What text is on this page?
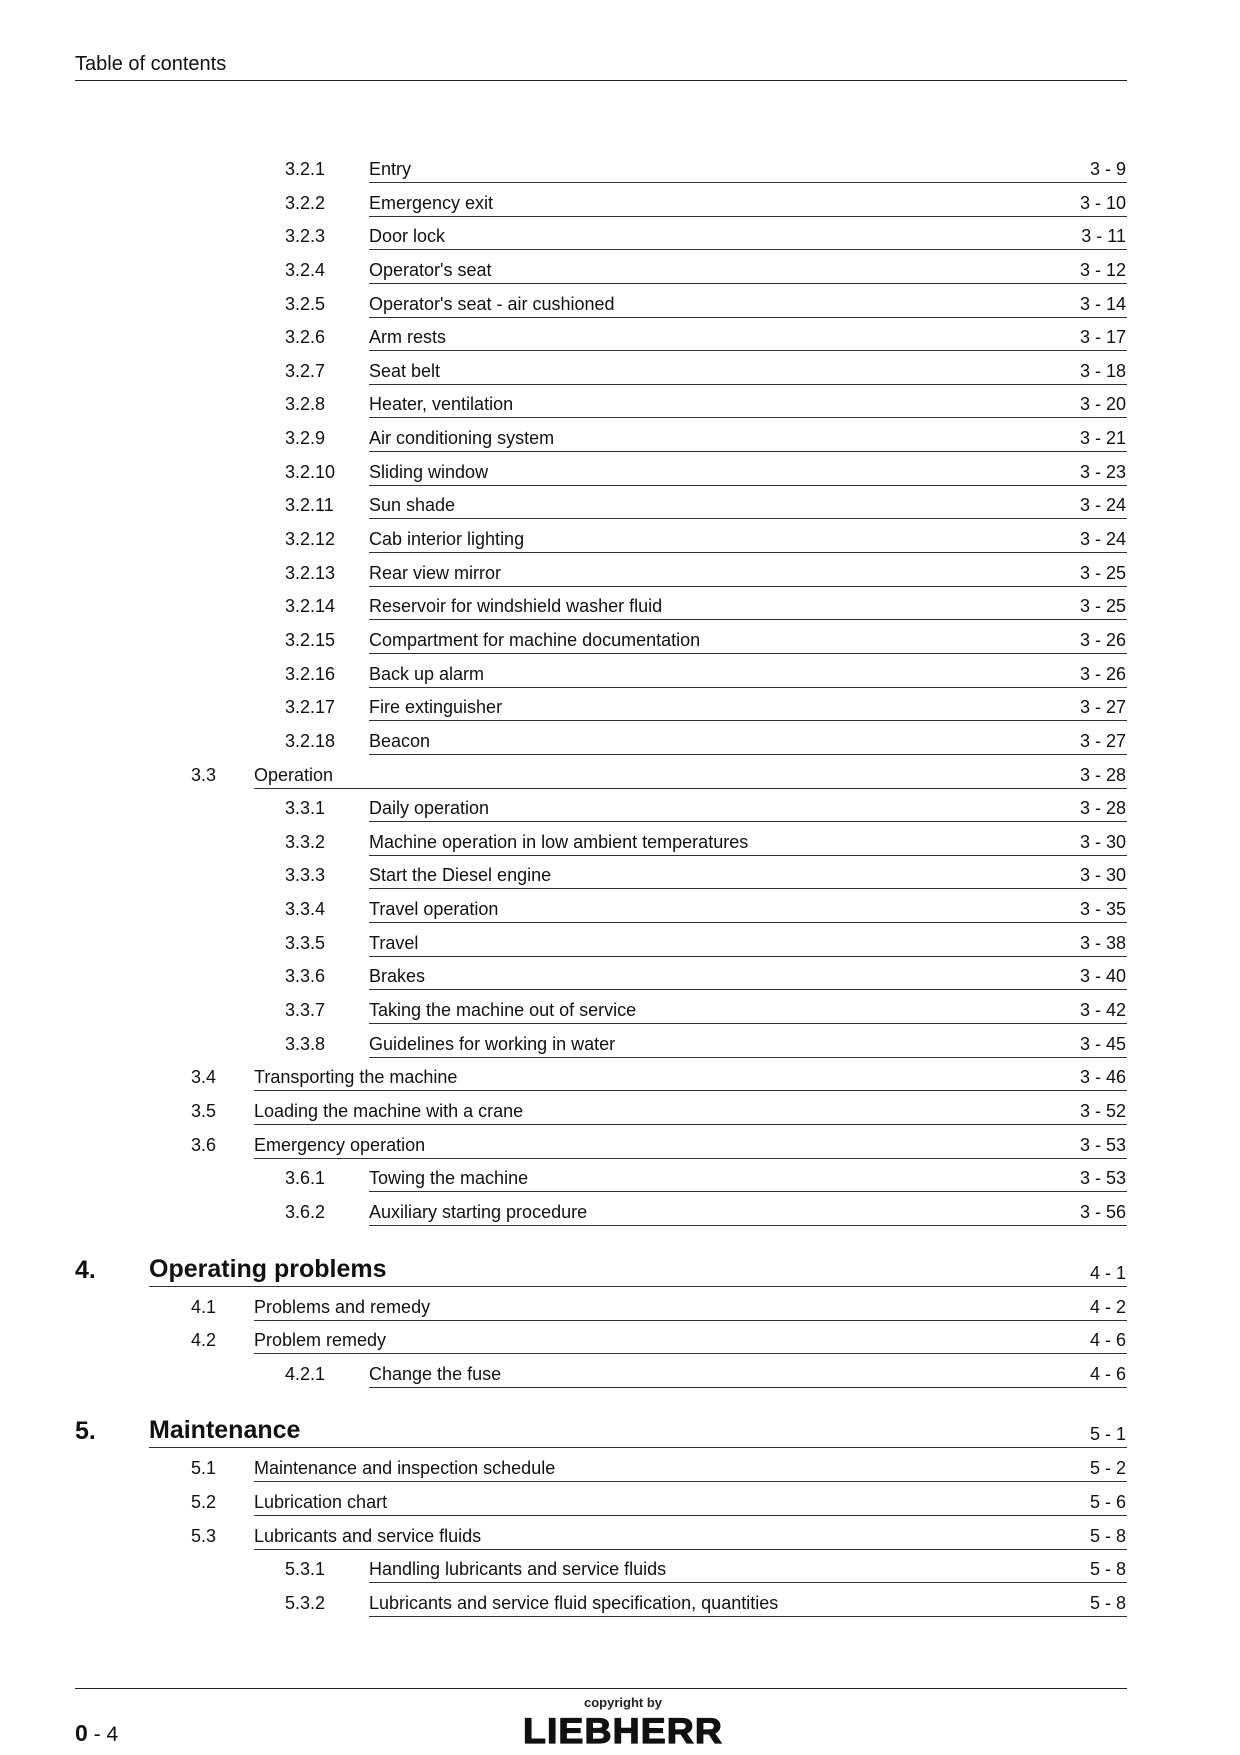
Table of contents
3.2.1 Entry	3 - 9
3.2.2 Emergency exit	3 - 10
3.2.3 Door lock	3 - 11
3.2.4 Operator's seat	3 - 12
3.2.5 Operator's seat - air cushioned	3 - 14
3.2.6 Arm rests	3 - 17
3.2.7 Seat belt	3 - 18
3.2.8 Heater, ventilation	3 - 20
3.2.9 Air conditioning system	3 - 21
3.2.10 Sliding window	3 - 23
3.2.11 Sun shade	3 - 24
3.2.12 Cab interior lighting	3 - 24
3.2.13 Rear view mirror	3 - 25
3.2.14 Reservoir for windshield washer fluid	3 - 25
3.2.15 Compartment for machine documentation	3 - 26
3.2.16 Back up alarm	3 - 26
3.2.17 Fire extinguisher	3 - 27
3.2.18 Beacon	3 - 27
3.3 Operation	3 - 28
3.3.1 Daily operation	3 - 28
3.3.2 Machine operation in low ambient temperatures	3 - 30
3.3.3 Start the Diesel engine	3 - 30
3.3.4 Travel operation	3 - 35
3.3.5 Travel	3 - 38
3.3.6 Brakes	3 - 40
3.3.7 Taking the machine out of service	3 - 42
3.3.8 Guidelines for working in water	3 - 45
3.4 Transporting the machine	3 - 46
3.5 Loading the machine with a crane	3 - 52
3.6 Emergency operation	3 - 53
3.6.1 Towing the machine	3 - 53
3.6.2 Auxiliary starting procedure	3 - 56
4. Operating problems	4 - 1
4.1 Problems and remedy	4 - 2
4.2 Problem remedy	4 - 6
4.2.1 Change the fuse	4 - 6
5. Maintenance	5 - 1
5.1 Maintenance and inspection schedule	5 - 2
5.2 Lubrication chart	5 - 6
5.3 Lubricants and service fluids	5 - 8
5.3.1 Handling lubricants and service fluids	5 - 8
5.3.2 Lubricants and service fluid specification, quantities	5 - 8
0 - 4
copyright by
LIEBHERR
